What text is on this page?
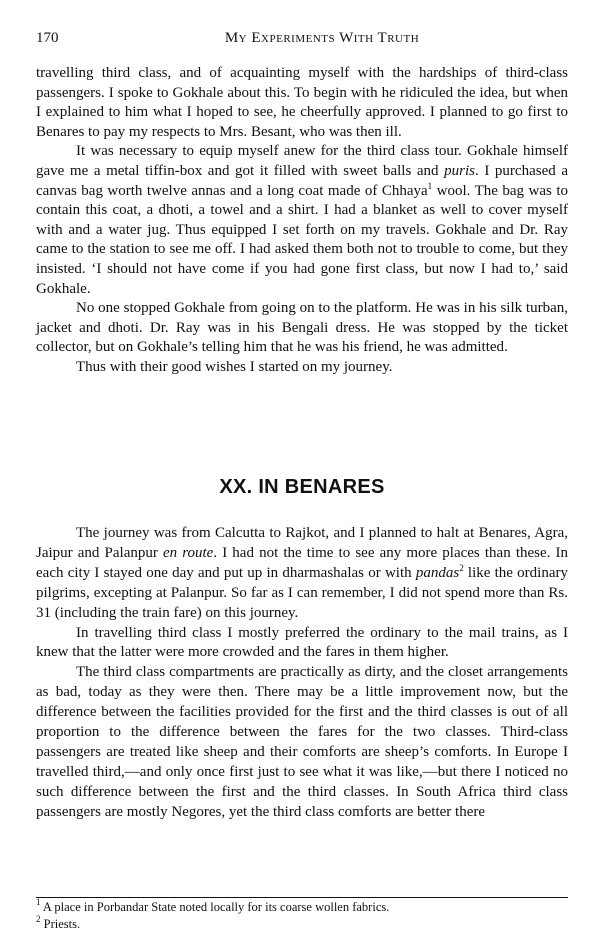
170	My Experiments With Truth

travelling third class, and of acquainting myself with the hardships of third-class passengers. I spoke to Gokhale about this. To begin with he ridiculed the idea, but when I explained to him what I hoped to see, he cheerfully approved. I planned to go first to Benares to pay my respects to Mrs. Besant, who was then ill.

It was necessary to equip myself anew for the third class tour. Gokhale himself gave me a metal tiffin-box and got it filled with sweet balls and puris. I purchased a canvas bag worth twelve annas and a long coat made of Chhaya$^1$ wool. The bag was to contain this coat, a dhoti, a towel and a shirt. I had a blanket as well to cover myself with and a water jug. Thus equipped I set forth on my travels. Gokhale and Dr. Ray came to the station to see me off. I had asked them both not to trouble to come, but they insisted. ‘I should not have come if you had gone first class, but now I had to,’ said Gokhale.

No one stopped Gokhale from going on to the platform. He was in his silk turban, jacket and dhoti. Dr. Ray was in his Bengali dress. He was stopped by the ticket collector, but on Gokhale’s telling him that he was his friend, he was admitted.

Thus with their good wishes I started on my journey.

XX. IN BENARES

The journey was from Calcutta to Rajkot, and I planned to halt at Benares, Agra, Jaipur and Palanpur en route. I had not the time to see any more places than these. In each city I stayed one day and put up in dharmashalas or with pandas$^2$ like the ordinary pilgrims, excepting at Palanpur. So far as I can remember, I did not spend more than Rs. 31 (including the train fare) on this journey.

In travelling third class I mostly preferred the ordinary to the mail trains, as I knew that the latter were more crowded and the fares in them higher.

The third class compartments are practically as dirty, and the closet arrangements as bad, today as they were then. There may be a little improvement now, but the difference between the facilities provided for the first and the third classes is out of all proportion to the difference between the fares for the two classes. Third-class passengers are treated like sheep and their comforts are sheep’s comforts. In Europe I travelled third,—and only once first just to see what it was like,—but there I noticed no such difference between the first and the third classes. In South Africa third class passengers are mostly Negores, yet the third class comforts are better there

$^1$ A place in Porbandar State noted locally for its coarse wollen fabrics.
$^2$ Priests.
